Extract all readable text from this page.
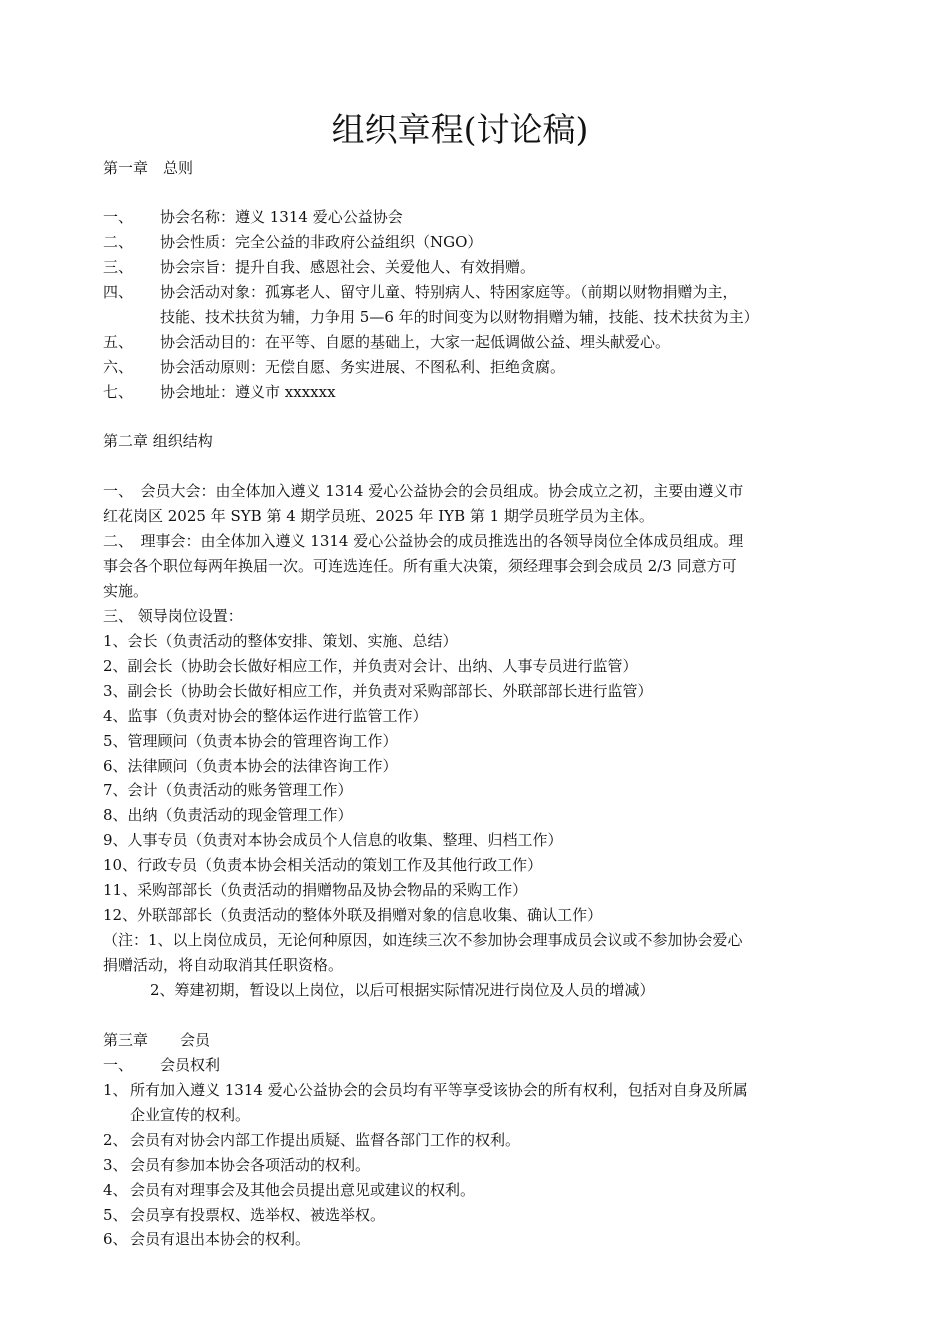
组织章程(讨论稿)
第一章　总则
一、 协会名称：遵义 1314 爱心公益协会
二、 协会性质：完全公益的非政府公益组织（NGO）
三、 协会宗旨：提升自我、感恩社会、关爱他人、有效捐赠。
四、 协会活动对象：孤寡老人、留守儿童、特别病人、特困家庭等。（前期以财物捐赠为主，
技能、技术扶贫为辅，力争用 5—6 年的时间变为以财物捐赠为辅，技能、技术扶贫为主）
五、 协会活动目的：在平等、自愿的基础上，大家一起低调做公益、埋头献爱心。
六、 协会活动原则：无偿自愿、务实进展、不图私利、拒绝贪腐。
七、 协会地址：遵义市 xxxxxx
第二章 组织结构
一、　会员大会：由全体加入遵义 1314 爱心公益协会的会员组成。协会成立之初，主要由遵义市
红花岗区 2025 年 SYB 第 4 期学员班、2025 年 IYB 第 1 期学员班学员为主体。
二、　理事会：由全体加入遵义 1314 爱心公益协会的成员推选出的各领导岗位全体成员组成。理
事会各个职位每两年换届一次。可连选连任。所有重大决策，须经理事会到会成员 2/3 同意方可
实施。
三、 领导岗位设置：
1、会长（负责活动的整体安排、策划、实施、总结）
2、副会长（协助会长做好相应工作，并负责对会计、出纳、人事专员进行监管）
3、副会长（协助会长做好相应工作，并负责对采购部部长、外联部部长进行监管）
4、监事（负责对协会的整体运作进行监管工作）
5、管理顾问（负责本协会的管理咨询工作）
6、法律顾问（负责本协会的法律咨询工作）
7、会计（负责活动的账务管理工作）
8、出纳（负责活动的现金管理工作）
9、人事专员（负责对本协会成员个人信息的收集、整理、归档工作）
10、行政专员（负责本协会相关活动的策划工作及其他行政工作）
11、采购部部长（负责活动的捐赠物品及协会物品的采购工作）
12、外联部部长（负责活动的整体外联及捐赠对象的信息收集、确认工作）
（注：1、以上岗位成员，无论何种原因，如连续三次不参加协会理事成员会议或不参加协会爱心
捐赠活动，将自动取消其任职资格。
2、筹建初期，暂设以上岗位，以后可根据实际情况进行岗位及人员的增减）
第三章 会员
一、 会员权利
1、 所有加入遵义 1314 爱心公益协会的会员均有平等享受该协会的所有权利，包括对自身及所属
企业宣传的权利。
2、 会员有对协会内部工作提出质疑、监督各部门工作的权利。
3、 会员有参加本协会各项活动的权利。
4、 会员有对理事会及其他会员提出意见或建议的权利。
5、 会员享有投票权、选举权、被选举权。
6、 会员有退出本协会的权利。
